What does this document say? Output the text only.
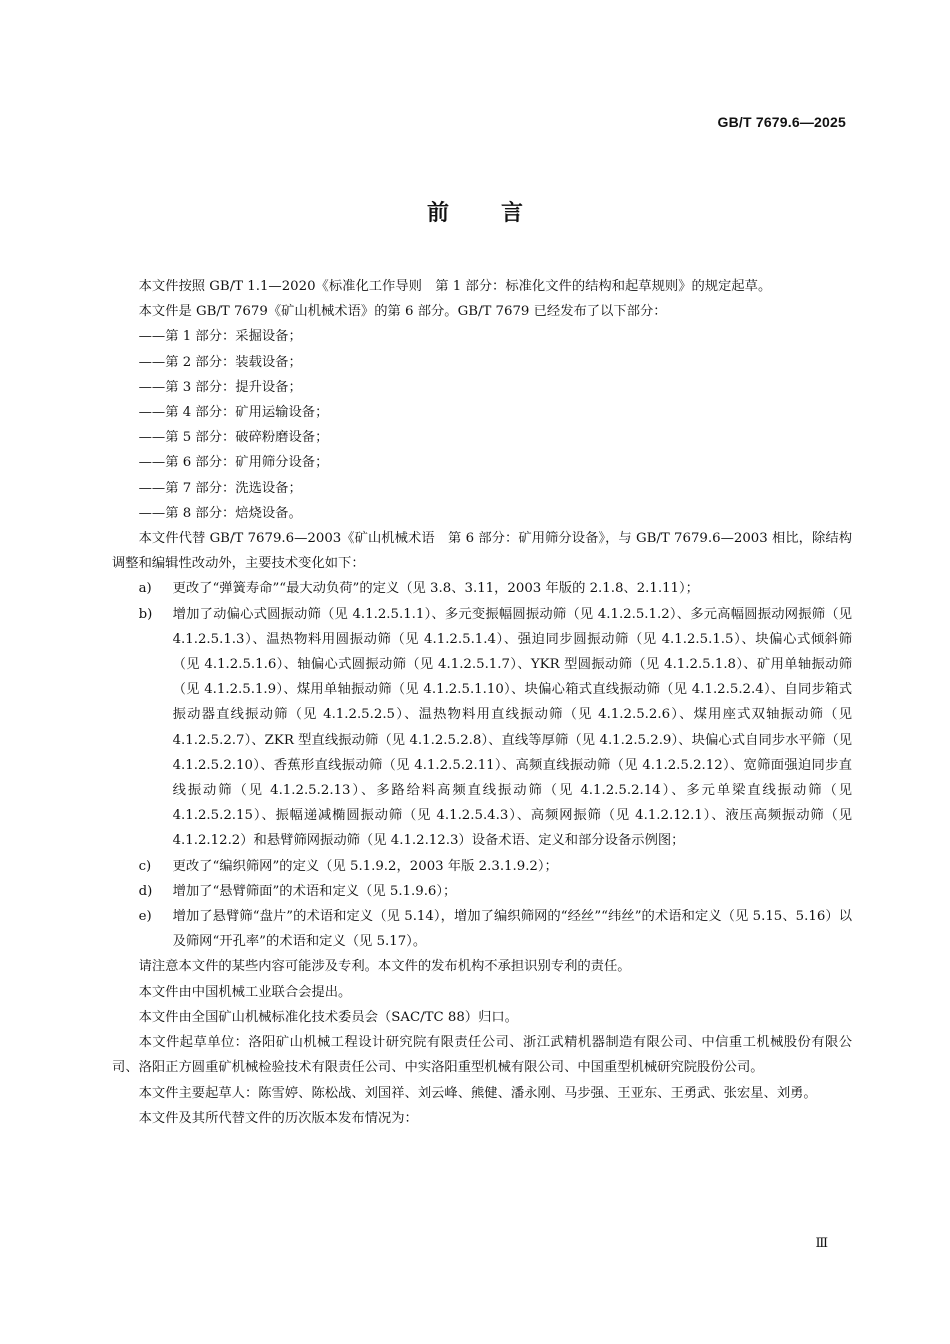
GB/T 7679.6—2025
前言

本文件按照 GB/T 1.1—2020《标准化工作导则　第 1 部分：标准化文件的结构和起草规则》的规定起草。

本文件是 GB/T 7679《矿山机械术语》的第 6 部分。GB/T 7679 已经发布了以下部分：

——第 1 部分：采掘设备；

——第 2 部分：装载设备；

——第 3 部分：提升设备；

——第 4 部分：矿用运输设备；

——第 5 部分：破碎粉磨设备；

——第 6 部分：矿用筛分设备；

——第 7 部分：洗选设备；

——第 8 部分：焙烧设备。

本文件代替 GB/T 7679.6—2003《矿山机械术语　第 6 部分：矿用筛分设备》，与 GB/T 7679.6—2003 相比，除结构调整和编辑性改动外，主要技术变化如下：

a)	更改了“弹簧寿命”“最大动负荷”的定义（见 3.8、3.11，2003 年版的 2.1.8、2.1.11）；
b)	增加了动偏心式圆振动筛（见 4.1.2.5.1.1）、多元变振幅圆振动筛（见 4.1.2.5.1.2）、多元高幅圆振动网振筛（见 4.1.2.5.1.3）、温热物料用圆振动筛（见 4.1.2.5.1.4）、强迫同步圆振动筛（见 4.1.2.5.1.5）、块偏心式倾斜筛（见 4.1.2.5.1.6）、轴偏心式圆振动筛（见 4.1.2.5.1.7）、YKR 型圆振动筛（见 4.1.2.5.1.8）、矿用单轴振动筛（见 4.1.2.5.1.9）、煤用单轴振动筛（见 4.1.2.5.1.10）、块偏心箱式直线振动筛（见 4.1.2.5.2.4）、自同步箱式振动器直线振动筛（见 4.1.2.5.2.5）、温热物料用直线振动筛（见 4.1.2.5.2.6）、煤用座式双轴振动筛（见 4.1.2.5.2.7）、ZKR 型直线振动筛（见 4.1.2.5.2.8）、直线等厚筛（见 4.1.2.5.2.9）、块偏心式自同步水平筛（见 4.1.2.5.2.10）、香蕉形直线振动筛（见 4.1.2.5.2.11）、高频直线振动筛（见 4.1.2.5.2.12）、宽筛面强迫同步直线振动筛（见 4.1.2.5.2.13）、多路给料高频直线振动筛（见 4.1.2.5.2.14）、多元单梁直线振动筛（见 4.1.2.5.2.15）、振幅递减椭圆振动筛（见 4.1.2.5.4.3）、高频网振筛（见 4.1.2.12.1）、液压高频振动筛（见 4.1.2.12.2）和悬臂筛网振动筛（见 4.1.2.12.3）设备术语、定义和部分设备示例图；
c)	更改了“编织筛网”的定义（见 5.1.9.2，2003 年版 2.3.1.9.2）；
d)	增加了“悬臂筛面”的术语和定义（见 5.1.9.6）；
e)	增加了悬臂筛“盘片”的术语和定义（见 5.14），增加了编织筛网的“经丝”“纬丝”的术语和定义（见 5.15、5.16）以及筛网“开孔率”的术语和定义（见 5.17）。

请注意本文件的某些内容可能涉及专利。本文件的发布机构不承担识别专利的责任。

本文件由中国机械工业联合会提出。

本文件由全国矿山机械标准化技术委员会（SAC/TC 88）归口。

本文件起草单位：洛阳矿山机械工程设计研究院有限责任公司、浙江武精机器制造有限公司、中信重工机械股份有限公司、洛阳正方圆重矿机械检验技术有限责任公司、中实洛阳重型机械有限公司、中国重型机械研究院股份公司。

本文件主要起草人：陈雪婷、陈松战、刘国祥、刘云峰、熊健、潘永刚、马步强、王亚东、王勇武、张宏星、刘勇。

本文件及其所代替文件的历次版本发布情况为：

Ⅲ
